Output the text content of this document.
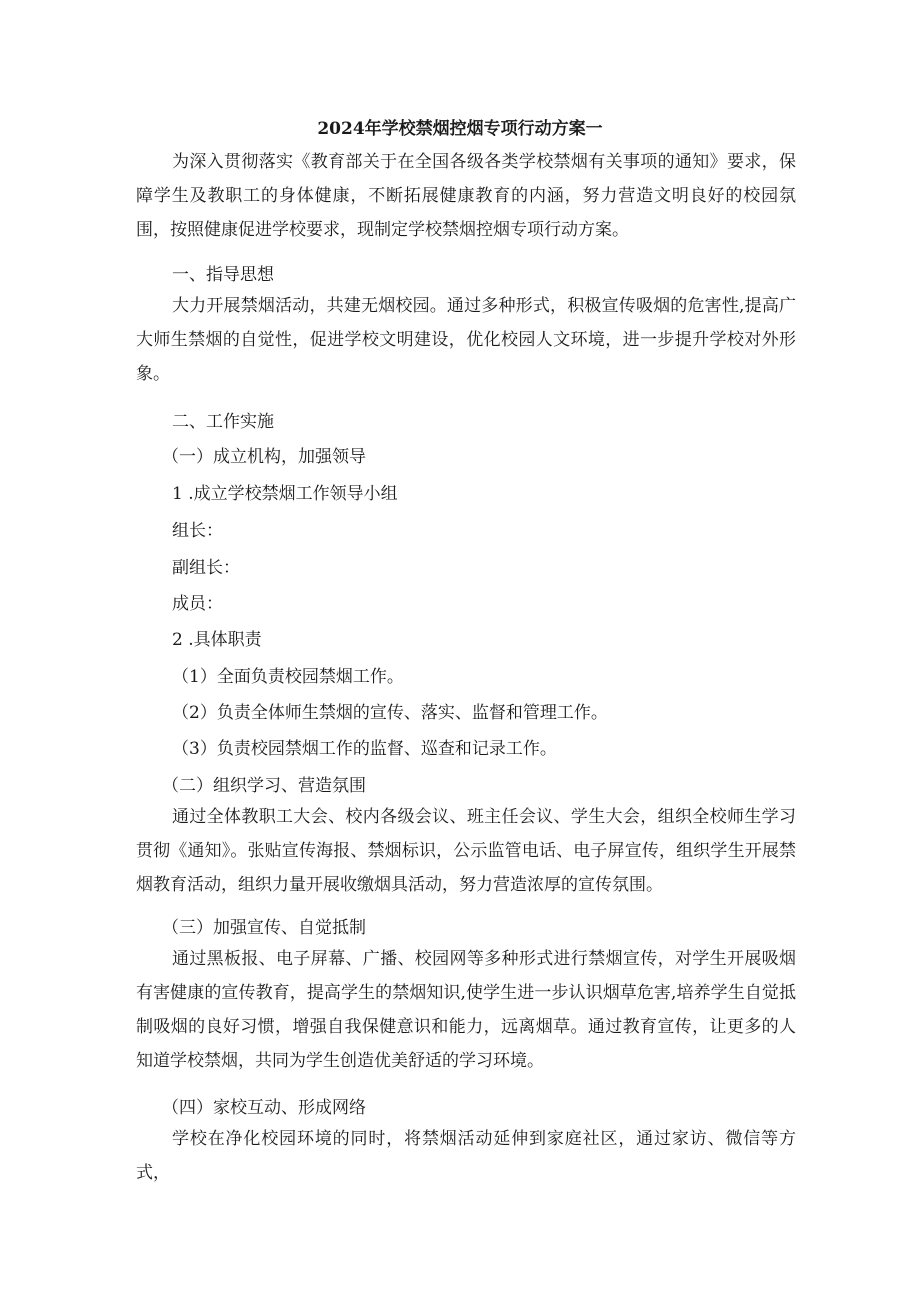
2024年学校禁烟控烟专项行动方案一

为深入贯彻落实《教育部关于在全国各级各类学校禁烟有关事项的通知》要求，保障学生及教职工的身体健康，不断拓展健康教育的内涵，努力营造文明良好的校园氛围，按照健康促进学校要求，现制定学校禁烟控烟专项行动方案。

一、指导思想

大力开展禁烟活动，共建无烟校园。通过多种形式，积极宣传吸烟的危害性,提高广大师生禁烟的自觉性，促进学校文明建设，优化校园人文环境，进一步提升学校对外形象。

二、工作实施
（一）成立机构，加强领导
1 .成立学校禁烟工作领导小组
组长：
副组长：
成员：
2 .具体职责
（1）全面负责校园禁烟工作。
（2）负责全体师生禁烟的宣传、落实、监督和管理工作。
（3）负责校园禁烟工作的监督、巡查和记录工作。
（二）组织学习、营造氛围

通过全体教职工大会、校内各级会议、班主任会议、学生大会，组织全校师生学习贯彻《通知》。张贴宣传海报、禁烟标识，公示监管电话、电子屏宣传，组织学生开展禁烟教育活动，组织力量开展收缴烟具活动，努力营造浓厚的宣传氛围。

（三）加强宣传、自觉抵制

通过黑板报、电子屏幕、广播、校园网等多种形式进行禁烟宣传，对学生开展吸烟有害健康的宣传教育，提高学生的禁烟知识,使学生进一步认识烟草危害,培养学生自觉抵制吸烟的良好习惯，增强自我保健意识和能力，远离烟草。通过教育宣传，让更多的人知道学校禁烟，共同为学生创造优美舒适的学习环境。

（四）家校互动、形成网络

学校在净化校园环境的同时，将禁烟活动延伸到家庭社区，通过家访、微信等方式，
